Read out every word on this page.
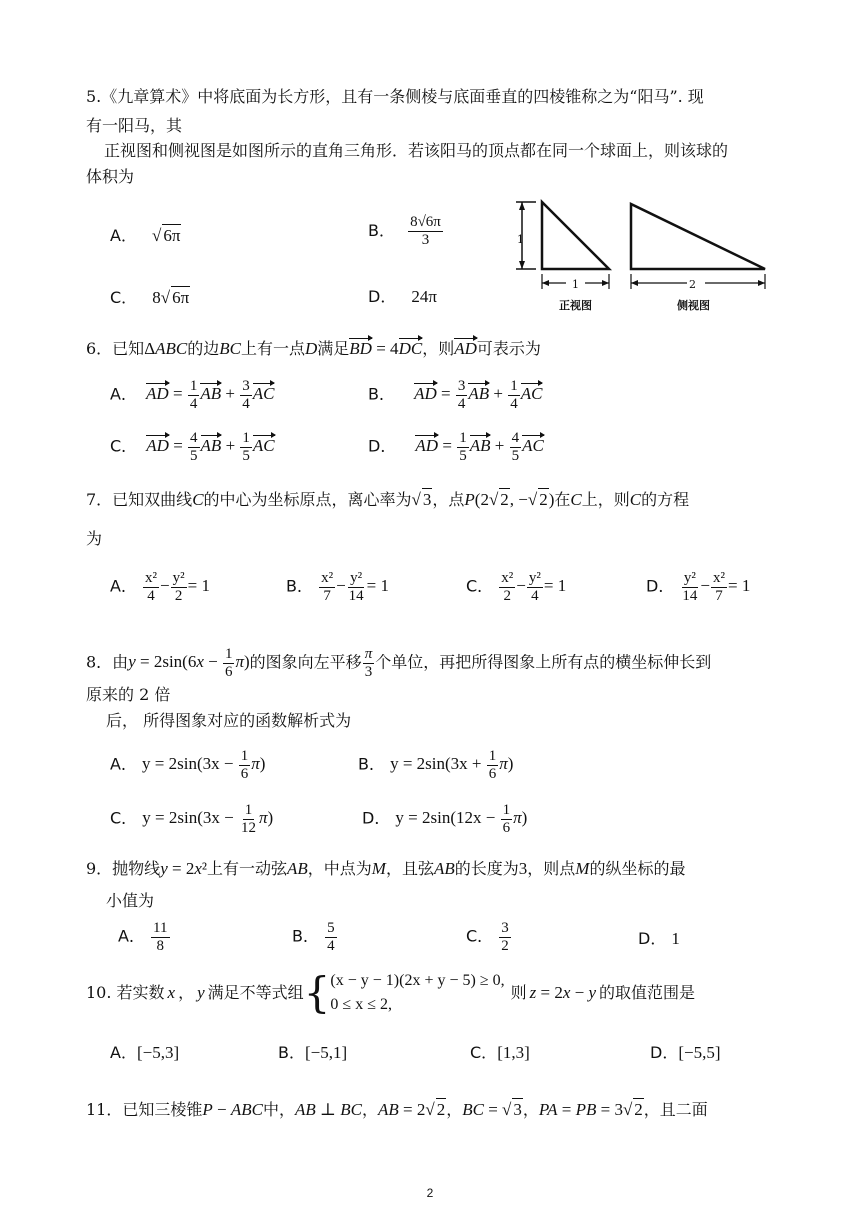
5.《九章算术》中将底面为长方形，且有一条侧棱与底面垂直的四棱锥称之为“阳马”. 现
有一阳马，其
正视图和侧视图是如图所示的直角三角形．若该阳马的顶点都在同一个球面上，则该球的
体积为
A． √ 6π	B． $\frac{8√6\pi}{3}$
C． 8√ 6π	D． 24π
1
1	2
正视图	侧视图
6．已知ΔABC的边BC上有一点D满足BD = 4DC，则AD可表示为
A． AD = $\frac{1}{4}$ AB + $\frac{3}{4}$ AC	B． AD = $\frac{3}{4}$ AB + $\frac{1}{4}$ AC
C． AD = $\frac{4}{5}$ AB + $\frac{1}{5}$ AC	D． AD = $\frac{1}{5}$ AB + $\frac{4}{5}$ AC
7．已知双曲线C的中心为坐标原点，离心率为√ 3，点P(2√ 2, −√ 2)在C上，则C的方程
为
A． $\frac{\text{x²}}{4} - \frac{\text{y²}}{2} = 1$	B． $\frac{\text{x²}}{7} - \frac{\text{y²}}{14} = 1$	C． $\frac{\text{x²}}{2} - \frac{\text{y²}}{4} = 1$	D． $\frac{\text{y²}}{14} - \frac{\text{x²}}{7} = 1$
8．由$y = 2\sin(6x - \frac{1}{6} \pi)$的图象向左平移 $\frac{\pi}{3}$ 个单位，再把所得图象上所有点的横坐标伸长到
原来的 2 倍
后， 所得图象对应的函数解析式为
A． $y = 2\sin(3x - \frac{1}{6} \pi)$	B． $y = 2\sin(3x + \frac{1}{6} \pi)$
C． $y = 2\sin(3x - \frac{1}{12} \pi)$	D． $y = 2\sin(12x - \frac{1}{6} \pi)$
9．抛物线y = 2x²上有一动弦AB，中点为M，且弦AB的长度为3，则点M的纵坐标的最
小值为
A． $\frac{11}{8}$	B． $\frac{5}{4}$	C． $\frac{3}{2}$	D． 1
10. 若实数 x ， y 满足不等式组 { (x − y − 1)(2x + y − 5) ≥ 0,
0 ≤ x ≤ 2,
则 z = 2x − y 的取值范围是
A．[−5,3]	B．[−5,1]	C．[1,3]	D．[−5,5]
11．已知三棱锥P − ABC中，AB ⊥ BC，AB = 2√ 2，BC = √ 3，PA = PB = 3√ 2，且二面
2
